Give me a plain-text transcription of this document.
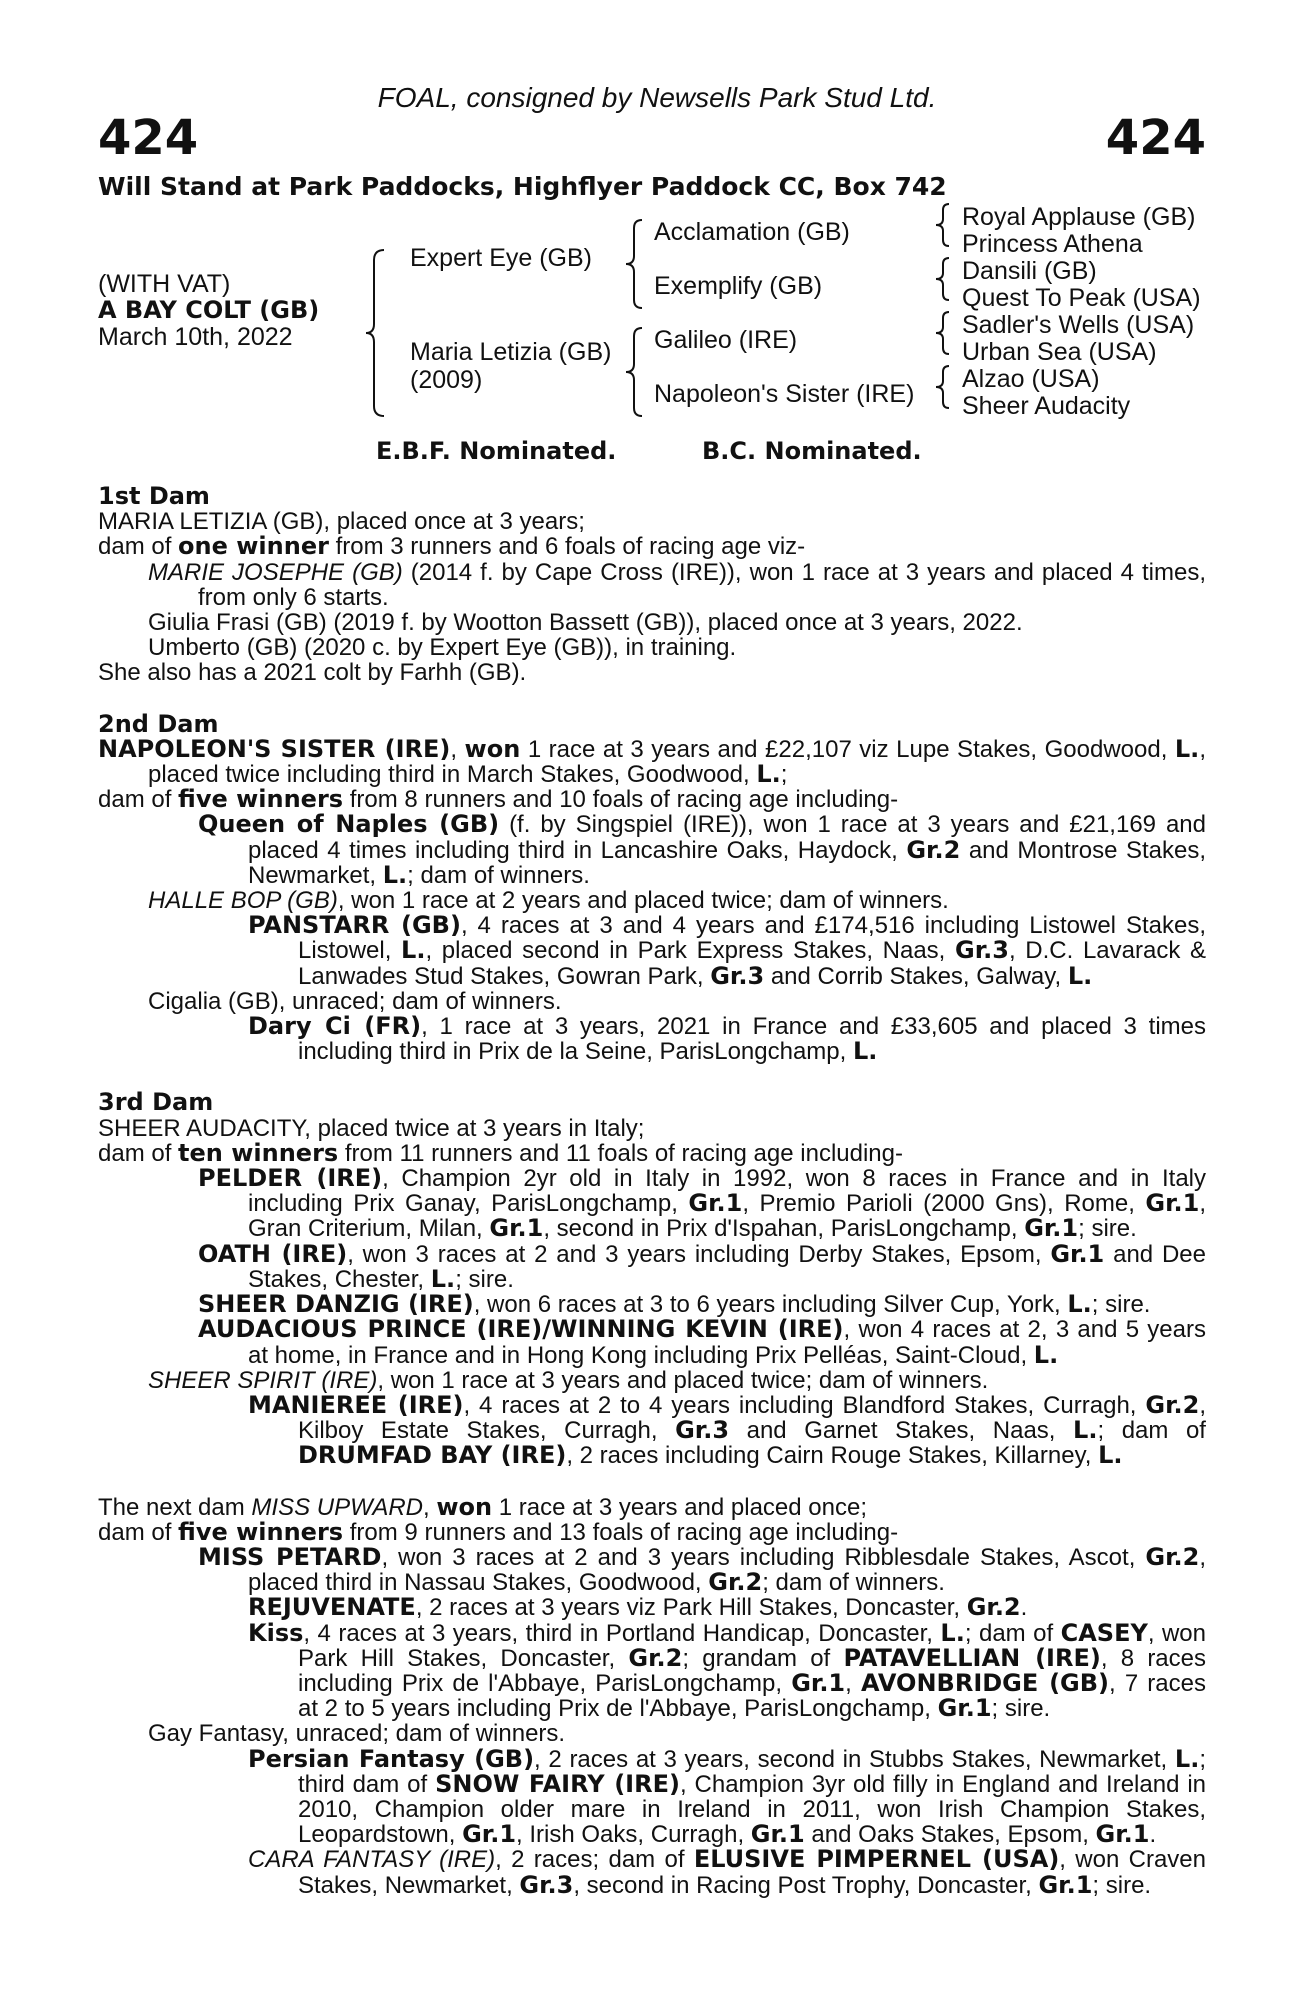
FOAL, consigned by Newsells Park Stud Ltd.
424	424
Will Stand at Park Paddocks, Highflyer Paddock CC, Box 742
(WITH VAT)
A BAY COLT (GB)
March 10th, 2022
Expert Eye (GB)
Maria Letizia (GB)
(2009)
Acclamation (GB)
Exemplify (GB)
Galileo (IRE)
Napoleon's Sister (IRE)
Royal Applause (GB)
Princess Athena
Dansili (GB)
Quest To Peak (USA)
Sadler's Wells (USA)
Urban Sea (USA)
Alzao (USA)
Sheer Audacity
E.B.F. Nominated.	B.C. Nominated.

1st Dam

MARIA LETIZIA (GB), placed once at 3 years;

dam of one winner from 3 runners and 6 foals of racing age viz-

MARIE JOSEPHE (GB) (2014 f. by Cape Cross (IRE)), won 1 race at 3 years and placed 4 times, from only 6 starts.

Giulia Frasi (GB) (2019 f. by Wootton Bassett (GB)), placed once at 3 years, 2022.

Umberto (GB) (2020 c. by Expert Eye (GB)), in training.

She also has a 2021 colt by Farhh (GB).

2nd Dam

NAPOLEON'S SISTER (IRE), won 1 race at 3 years and £22,107 viz Lupe Stakes, Goodwood, L., placed twice including third in March Stakes, Goodwood, L.;

dam of five winners from 8 runners and 10 foals of racing age including-

Queen of Naples (GB) (f. by Singspiel (IRE)), won 1 race at 3 years and £21,169 and placed 4 times including third in Lancashire Oaks, Haydock, Gr.2 and Montrose Stakes, Newmarket, L.; dam of winners.

HALLE BOP (GB), won 1 race at 2 years and placed twice; dam of winners.

PANSTARR (GB), 4 races at 3 and 4 years and £174,516 including Listowel Stakes, Listowel, L., placed second in Park Express Stakes, Naas, Gr.3, D.C. Lavarack & Lanwades Stud Stakes, Gowran Park, Gr.3 and Corrib Stakes, Galway, L.

Cigalia (GB), unraced; dam of winners.

Dary Ci (FR), 1 race at 3 years, 2021 in France and £33,605 and placed 3 times including third in Prix de la Seine, ParisLongchamp, L.

3rd Dam

SHEER AUDACITY, placed twice at 3 years in Italy;

dam of ten winners from 11 runners and 11 foals of racing age including-

PELDER (IRE), Champion 2yr old in Italy in 1992, won 8 races in France and in Italy including Prix Ganay, ParisLongchamp, Gr.1, Premio Parioli (2000 Gns), Rome, Gr.1, Gran Criterium, Milan, Gr.1, second in Prix d'Ispahan, ParisLongchamp, Gr.1; sire.

OATH (IRE), won 3 races at 2 and 3 years including Derby Stakes, Epsom, Gr.1 and Dee Stakes, Chester, L.; sire.

SHEER DANZIG (IRE), won 6 races at 3 to 6 years including Silver Cup, York, L.; sire.

AUDACIOUS PRINCE (IRE)/WINNING KEVIN (IRE), won 4 races at 2, 3 and 5 years at home, in France and in Hong Kong including Prix Pelléas, Saint-Cloud, L.

SHEER SPIRIT (IRE), won 1 race at 3 years and placed twice; dam of winners.

MANIEREE (IRE), 4 races at 2 to 4 years including Blandford Stakes, Curragh, Gr.2, Kilboy Estate Stakes, Curragh, Gr.3 and Garnet Stakes, Naas, L.; dam of DRUMFAD BAY (IRE), 2 races including Cairn Rouge Stakes, Killarney, L.

The next dam MISS UPWARD, won 1 race at 3 years and placed once;

dam of five winners from 9 runners and 13 foals of racing age including-

MISS PETARD, won 3 races at 2 and 3 years including Ribblesdale Stakes, Ascot, Gr.2, placed third in Nassau Stakes, Goodwood, Gr.2; dam of winners.

REJUVENATE, 2 races at 3 years viz Park Hill Stakes, Doncaster, Gr.2.

Kiss, 4 races at 3 years, third in Portland Handicap, Doncaster, L.; dam of CASEY, won Park Hill Stakes, Doncaster, Gr.2; grandam of PATAVELLIAN (IRE), 8 races including Prix de l'Abbaye, ParisLongchamp, Gr.1, AVONBRIDGE (GB), 7 races at 2 to 5 years including Prix de l'Abbaye, ParisLongchamp, Gr.1; sire.

Gay Fantasy, unraced; dam of winners.

Persian Fantasy (GB), 2 races at 3 years, second in Stubbs Stakes, Newmarket, L.; third dam of SNOW FAIRY (IRE), Champion 3yr old filly in England and Ireland in 2010, Champion older mare in Ireland in 2011, won Irish Champion Stakes, Leopardstown, Gr.1, Irish Oaks, Curragh, Gr.1 and Oaks Stakes, Epsom, Gr.1.

CARA FANTASY (IRE), 2 races; dam of ELUSIVE PIMPERNEL (USA), won Craven Stakes, Newmarket, Gr.3, second in Racing Post Trophy, Doncaster, Gr.1; sire.
